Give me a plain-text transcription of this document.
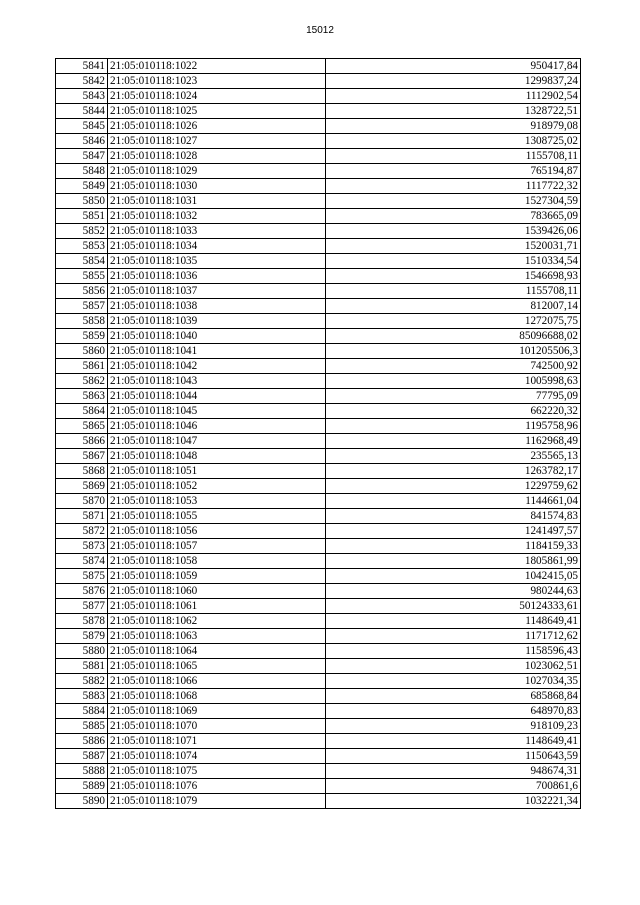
15012
5841	21:05:010118:1022	950417,84
5842	21:05:010118:1023	1299837,24
5843	21:05:010118:1024	1112902,54
5844	21:05:010118:1025	1328722,51
5845	21:05:010118:1026	918979,08
5846	21:05:010118:1027	1308725,02
5847	21:05:010118:1028	1155708,11
5848	21:05:010118:1029	765194,87
5849	21:05:010118:1030	1117722,32
5850	21:05:010118:1031	1527304,59
5851	21:05:010118:1032	783665,09
5852	21:05:010118:1033	1539426,06
5853	21:05:010118:1034	1520031,71
5854	21:05:010118:1035	1510334,54
5855	21:05:010118:1036	1546698,93
5856	21:05:010118:1037	1155708,11
5857	21:05:010118:1038	812007,14
5858	21:05:010118:1039	1272075,75
5859	21:05:010118:1040	85096688,02
5860	21:05:010118:1041	101205506,3
5861	21:05:010118:1042	742500,92
5862	21:05:010118:1043	1005998,63
5863	21:05:010118:1044	77795,09
5864	21:05:010118:1045	662220,32
5865	21:05:010118:1046	1195758,96
5866	21:05:010118:1047	1162968,49
5867	21:05:010118:1048	235565,13
5868	21:05:010118:1051	1263782,17
5869	21:05:010118:1052	1229759,62
5870	21:05:010118:1053	1144661,04
5871	21:05:010118:1055	841574,83
5872	21:05:010118:1056	1241497,57
5873	21:05:010118:1057	1184159,33
5874	21:05:010118:1058	1805861,99
5875	21:05:010118:1059	1042415,05
5876	21:05:010118:1060	980244,63
5877	21:05:010118:1061	50124333,61
5878	21:05:010118:1062	1148649,41
5879	21:05:010118:1063	1171712,62
5880	21:05:010118:1064	1158596,43
5881	21:05:010118:1065	1023062,51
5882	21:05:010118:1066	1027034,35
5883	21:05:010118:1068	685868,84
5884	21:05:010118:1069	648970,83
5885	21:05:010118:1070	918109,23
5886	21:05:010118:1071	1148649,41
5887	21:05:010118:1074	1150643,59
5888	21:05:010118:1075	948674,31
5889	21:05:010118:1076	700861,6
5890	21:05:010118:1079	1032221,34
